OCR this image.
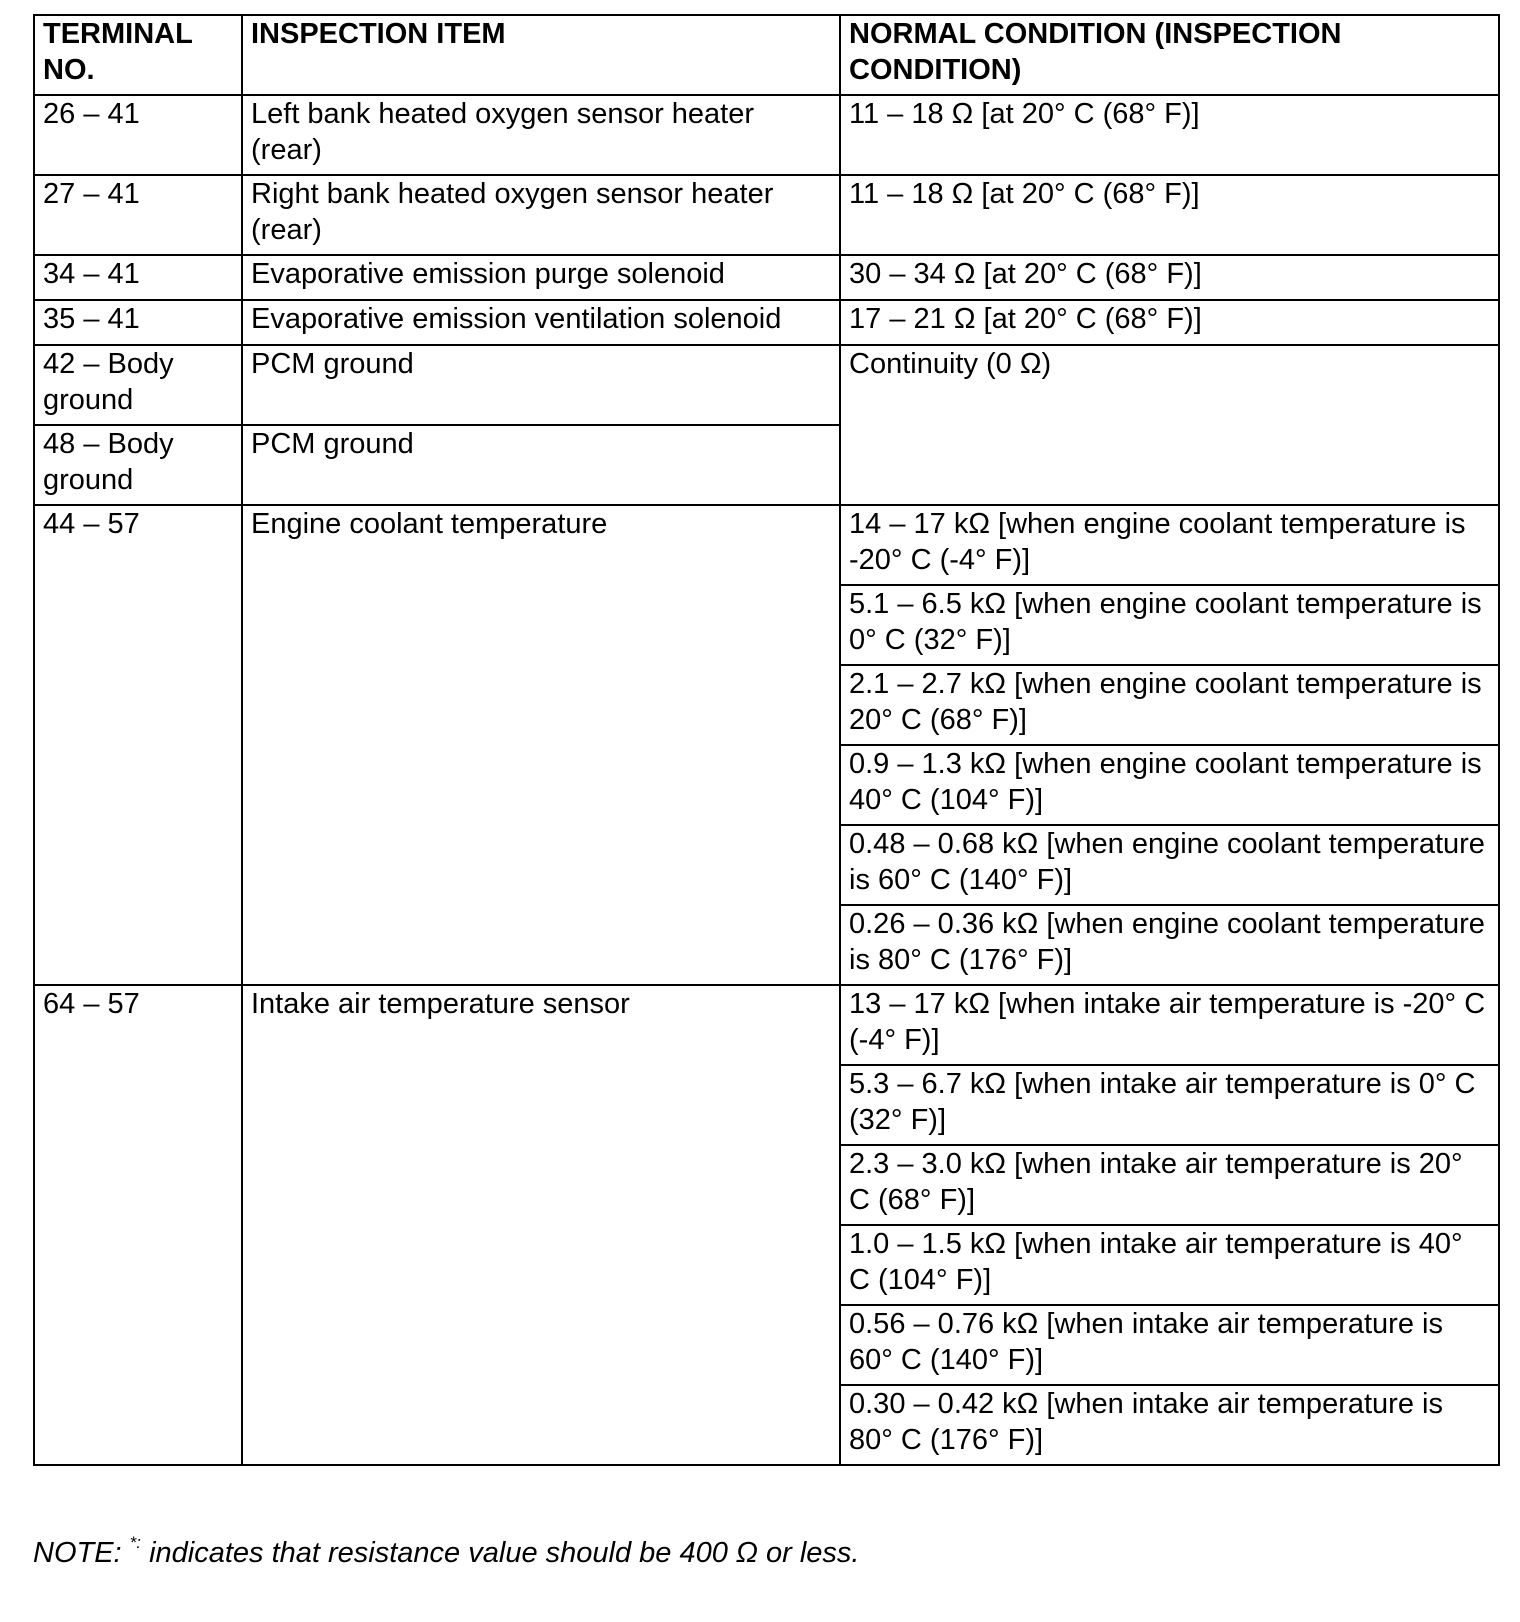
TERMINAL NO.	INSPECTION ITEM	NORMAL CONDITION (INSPECTION CONDITION)
26 – 41	Left bank heated oxygen sensor heater (rear)	11 – 18 Ω [at 20° C (68° F)]
27 – 41	Right bank heated oxygen sensor heater (rear)	11 – 18 Ω [at 20° C (68° F)]
34 – 41	Evaporative emission purge solenoid	30 – 34 Ω [at 20° C (68° F)]
35 – 41	Evaporative emission ventilation solenoid	17 – 21 Ω [at 20° C (68° F)]
42 – Body ground	PCM ground	Continuity (0 Ω)
48 – Body ground	PCM ground	
44 – 57	Engine coolant temperature	14 – 17 kΩ [when engine coolant temperature is -20° C (-4° F)]
		5.1 – 6.5 kΩ [when engine coolant temperature is 0° C (32° F)]
		2.1 – 2.7 kΩ [when engine coolant temperature is 20° C (68° F)]
		0.9 – 1.3 kΩ [when engine coolant temperature is 40° C (104° F)]
		0.48 – 0.68 kΩ [when engine coolant temperature is 60° C (140° F)]
		0.26 – 0.36 kΩ [when engine coolant temperature is 80° C (176° F)]
64 – 57	Intake air temperature sensor	13 – 17 kΩ [when intake air temperature is -20° C (-4° F)]
		5.3 – 6.7 kΩ [when intake air temperature is 0° C (32° F)]
		2.3 – 3.0 kΩ [when intake air temperature is 20° C (68° F)]
		1.0 – 1.5 kΩ [when intake air temperature is 40° C (104° F)]
		0.56 – 0.76 kΩ [when intake air temperature is 60° C (140° F)]
		0.30 – 0.42 kΩ [when intake air temperature is 80° C (176° F)]
NOTE: *: indicates that resistance value should be 400 Ω or less.
